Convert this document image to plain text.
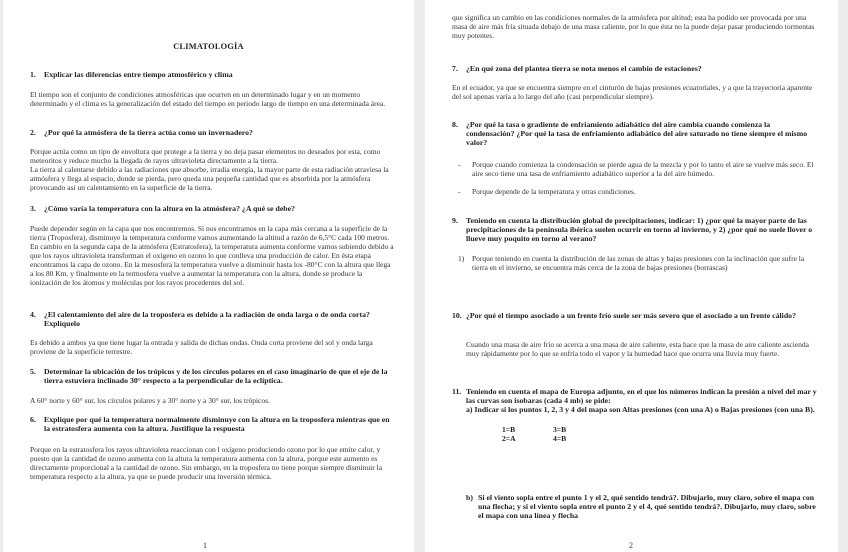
CLIMATOLOGÍA
1. Explicar las diferencias entre tiempo atmosférico y clima
El tiempo son el conjunto de condiciones atmosféricas que ocurren en un determinado lugar y en un momento determinado y el clima es la generalización del estado del tiempo en periodo largo de tiempo en una determinada área.
2. ¿Por qué la atmósfera de la tierra actúa como un invernadero?
Porque actúa como un tipo de envoltura que protege a la tierra y no deja pasar elementos no deseados por esta, como meteoritos y reduce mucho la llegada de rayos ultravioleta directamente a la tierra.
La tierra al calentarse debido a las radiaciones que absorbe, irradia energía, la mayor parte de esta radiación atraviesa la atmósfera y llega al espacio, donde se pierda, pero queda una pequeña cantidad que es absorbida por la atmósfera provocando así un calentamiento en la superficie de la tierra.
3. ¿Cómo varía la temperatura con la altura en la atmósfera? ¿A qué se debe?
Puede depender según en la capa que nos encontremos. Si nos encontramos en la capa más cercana a la superficie de la tierra (Troposfera), disminuye la temperatura conforme vamos aumentando la altitud a razón de 6,5°C cada 100 metros. En cambio en la segunda capa de la atmósfera (Estratosfera), la temperatura aumenta conforme vamos subiendo debido a que los rayos ultravioleta transforman el oxígeno en ozono lo que conlleva una producción de calor. En ésta etapa encontramos la capa de ozono. En la mesosfera la temperatura vuelve a disminuir hasta los -80°C con la altura que llega a los 80 Km. y finalmente en la termosfera vuelve a aumentar la temperatura con la altura, donde se produce la ionización de los átomos y moléculas por los rayos procedentes del sol.
4. ¿El calentamiento del aire de la troposfera es debido a la radiación de onda larga o de onda corta? Explíquelo
Es debido a ambos ya que tiene lugar la entrada y salida de dichas ondas. Onda corta proviene del sol y onda larga proviene de la superficie terrestre.
5. Determinar la ubicación de los trópicos y de los círculos polares en el caso imaginario de que el eje de la tierra estuviera inclinado 30° respecto a la perpendicular de la eclíptica.
A 60° norte y 60° sur, los círculos polares y a 30° norte y a 30° sur, los trópicos.
6. Explique por qué la temperatura normalmente disminuye con la altura en la troposfera mientras que en la estratosfera aumenta con la altura. Justifique la respuesta
Porque en la estratosfera los rayos ultravioleta reaccionan con l oxígeno produciendo ozono por lo que emite calor, y puesto que la cantidad de ozono aumenta con la altura la temperatura aumenta con la altura, porque este aumento es directamente proporcional a la cantidad de ozono. Sin embargo, en la troposfera no tiene porque siempre disminuir la temperatura respecto a la altura, ya que se puede producir una inversión térmica.
1
que significa un cambio en las condiciones normales de la atmósfera por altitud; esta ha podido ser provocada por una masa de aire más fría situada debajo de una masa caliente, por lo que ésta no la puede dejar pasar produciendo tormentas muy potentes.
7. ¿En qué zona del plantea tierra se nota menos el cambio de estaciones?
En el ecuador, ya que se encuentra siempre en el cinturón de bajas presiones ecuatoriales, y a que la trayectoria aparente del sol apenas varía a lo largo del año (casi perpendicular siempre).
8. ¿Por qué la tasa o gradiente de enfriamiento adiabático del aire cambia cuando comienza la condensación? ¿Por qué la tasa de enfriamiento adiabático del aire saturado no tiene siempre el mismo valor?
- Porque cuando comienza la condensación se pierde agua de la mezcla y por lo tanto el aire se vuelve más seco. El aire seco tiene una tasa de enfriamiento adiabático superior a la del aire húmedo.
- Porque depende de la temperatura y otras condiciones.
9. Teniendo en cuenta la distribución global de precipitaciones, indicar: 1) ¿por qué la mayor parte de las precipitaciones de la península ibérica suelen ocurrir en torno al invierno, y 2) ¿por qué no suele llover o llueve muy poquito en torno al verano?
1) Porque teniendo en cuenta la distribución de las zonas de altas y bajas presiones con la inclinación que sufre la tierra en el invierno, se encuentra más cerca de la zona de bajas presiones (borrascas)
10. ¿Por qué el tiempo asociado a un frente frío suele ser más severo que el asociado a un frente cálido?
Cuando una masa de aire frío se acerca a una masa de aire caliente, esta hace que la masa de aire caliente ascienda muy rápidamente por lo que se enfría todo el vapor y la humedad hace que ocurra una lluvia muy fuerte.
11. Teniendo en cuenta el mapa de Europa adjunto, en el que los números indican la presión a nivel del mar y las curvas son isobaras (cada 4 mb) se pide:
a) Indicar si los puntos 1, 2, 3 y 4 del mapa son Altas presiones (con una A) o Bajas presiones (con una B).
1=B	3=B
2=A	4=B
b) Si el viento sopla entre el punto 1 y el 2, qué sentido tendrá?. Dibujarlo, muy claro, sobre el mapa con una flecha; y si el viento sopla entre el punto 2 y el 4, qué sentido tendrá?. Dibujarlo, muy claro, sobre el mapa con una línea y flecha
2
